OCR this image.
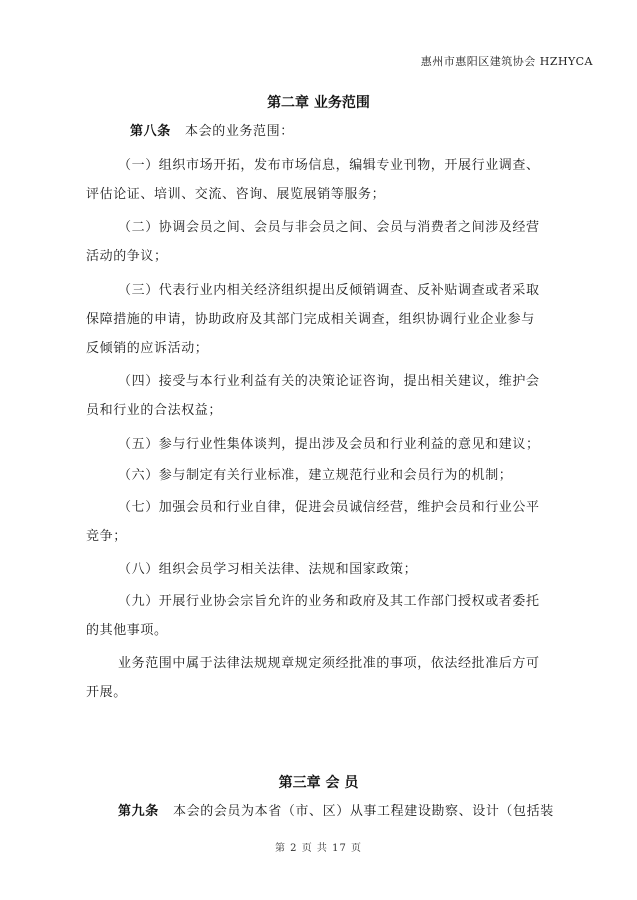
惠州市惠阳区建筑协会 HZHYCA
第二章 业务范围
第八条 本会的业务范围：
（一）组织市场开拓，发布市场信息，编辑专业刊物，开展行业调查、
评估论证、培训、交流、咨询、展览展销等服务；
（二）协调会员之间、会员与非会员之间、会员与消费者之间涉及经营
活动的争议；
（三）代表行业内相关经济组织提出反倾销调查、反补贴调查或者采取
保障措施的申请，协助政府及其部门完成相关调查，组织协调行业企业参与
反倾销的应诉活动；
（四）接受与本行业利益有关的决策论证咨询，提出相关建议，维护会
员和行业的合法权益；
（五）参与行业性集体谈判，提出涉及会员和行业利益的意见和建议；
（六）参与制定有关行业标准，建立规范行业和会员行为的机制；
（七）加强会员和行业自律，促进会员诚信经营，维护会员和行业公平
竞争；
（八）组织会员学习相关法律、法规和国家政策；
（九）开展行业协会宗旨允许的业务和政府及其工作部门授权或者委托
的其他事项。
业务范围中属于法律法规规章规定须经批准的事项，依法经批准后方可
开展。
第三章 会 员
第九条 本会的会员为本省（市、区）从事工程建设勘察、设计（包括装
第 2 页 共 17 页
